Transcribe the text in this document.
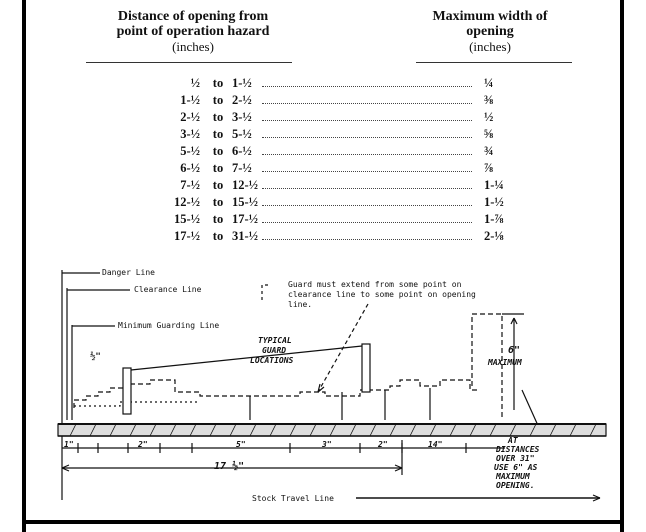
Distance of opening from
point of operation hazard
(inches)
Maximum width of
opening
(inches)
½	to 1-½	¼
1-½	to 2-½	⅜
2-½	to 3-½	½
3-½	to 5-½	⅝
5-½	to 6-½	¾
6-½	to 7-½	⅞
7-½	to 12-½	1-¼
12-½	to 15-½	1-½
15-½	to 17-½	1-⅞
17-½	to 31-½	2-⅛
Danger Line
Clearance Line
Minimum Guarding Line
Guard must extend from some point on
clearance line to some point on opening
line.
TYPICAL
GUARD
LOCATIONS
6"
MAXIMUM
AT
DISTANCES
OVER 31"
USE 6" AS
MAXIMUM
OPENING.
Stock Travel Line
½"
1"	2"	5"	3"	2"	14"
17 ½"
